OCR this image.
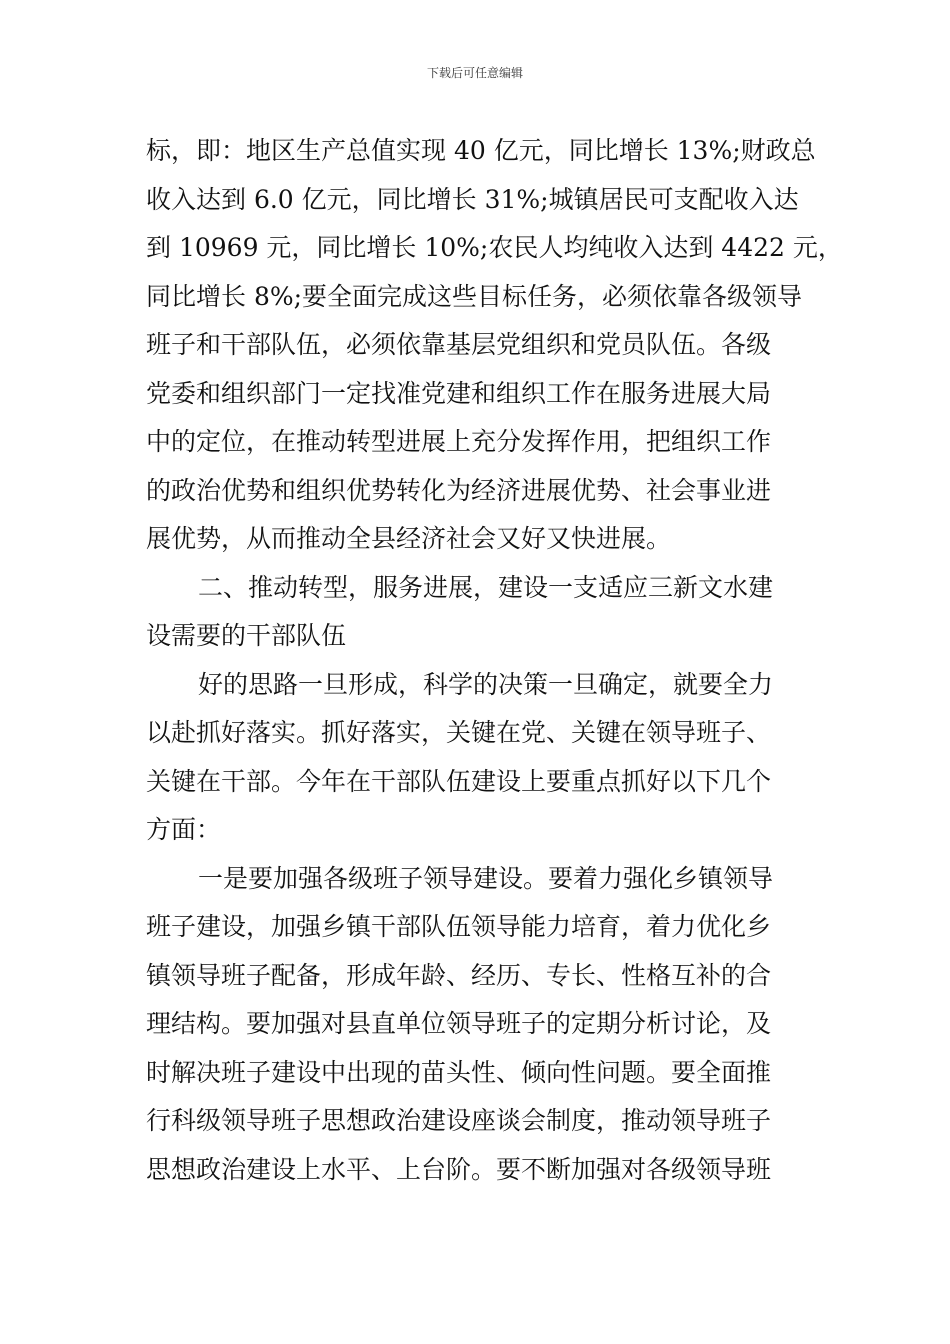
下载后可任意编辑
标，即：地区生产总值实现 40 亿元，同比增长 13%;财政总
收入达到 6.0 亿元，同比增长 31%;城镇居民可支配收入达
到 10969 元，同比增长 10%;农民人均纯收入达到 4422 元，
同比增长 8%;要全面完成这些目标任务，必须依靠各级领导
班子和干部队伍，必须依靠基层党组织和党员队伍。各级
党委和组织部门一定找准党建和组织工作在服务进展大局
中的定位，在推动转型进展上充分发挥作用，把组织工作
的政治优势和组织优势转化为经济进展优势、社会事业进
展优势，从而推动全县经济社会又好又快进展。
二、推动转型，服务进展，建设一支适应三新文水建
设需要的干部队伍
好的思路一旦形成，科学的决策一旦确定，就要全力
以赴抓好落实。抓好落实，关键在党、关键在领导班子、
关键在干部。今年在干部队伍建设上要重点抓好以下几个
方面：
一是要加强各级班子领导建设。要着力强化乡镇领导
班子建设，加强乡镇干部队伍领导能力培育，着力优化乡
镇领导班子配备，形成年龄、经历、专长、性格互补的合
理结构。要加强对县直单位领导班子的定期分析讨论，及
时解决班子建设中出现的苗头性、倾向性问题。要全面推
行科级领导班子思想政治建设座谈会制度，推动领导班子
思想政治建设上水平、上台阶。要不断加强对各级领导班
